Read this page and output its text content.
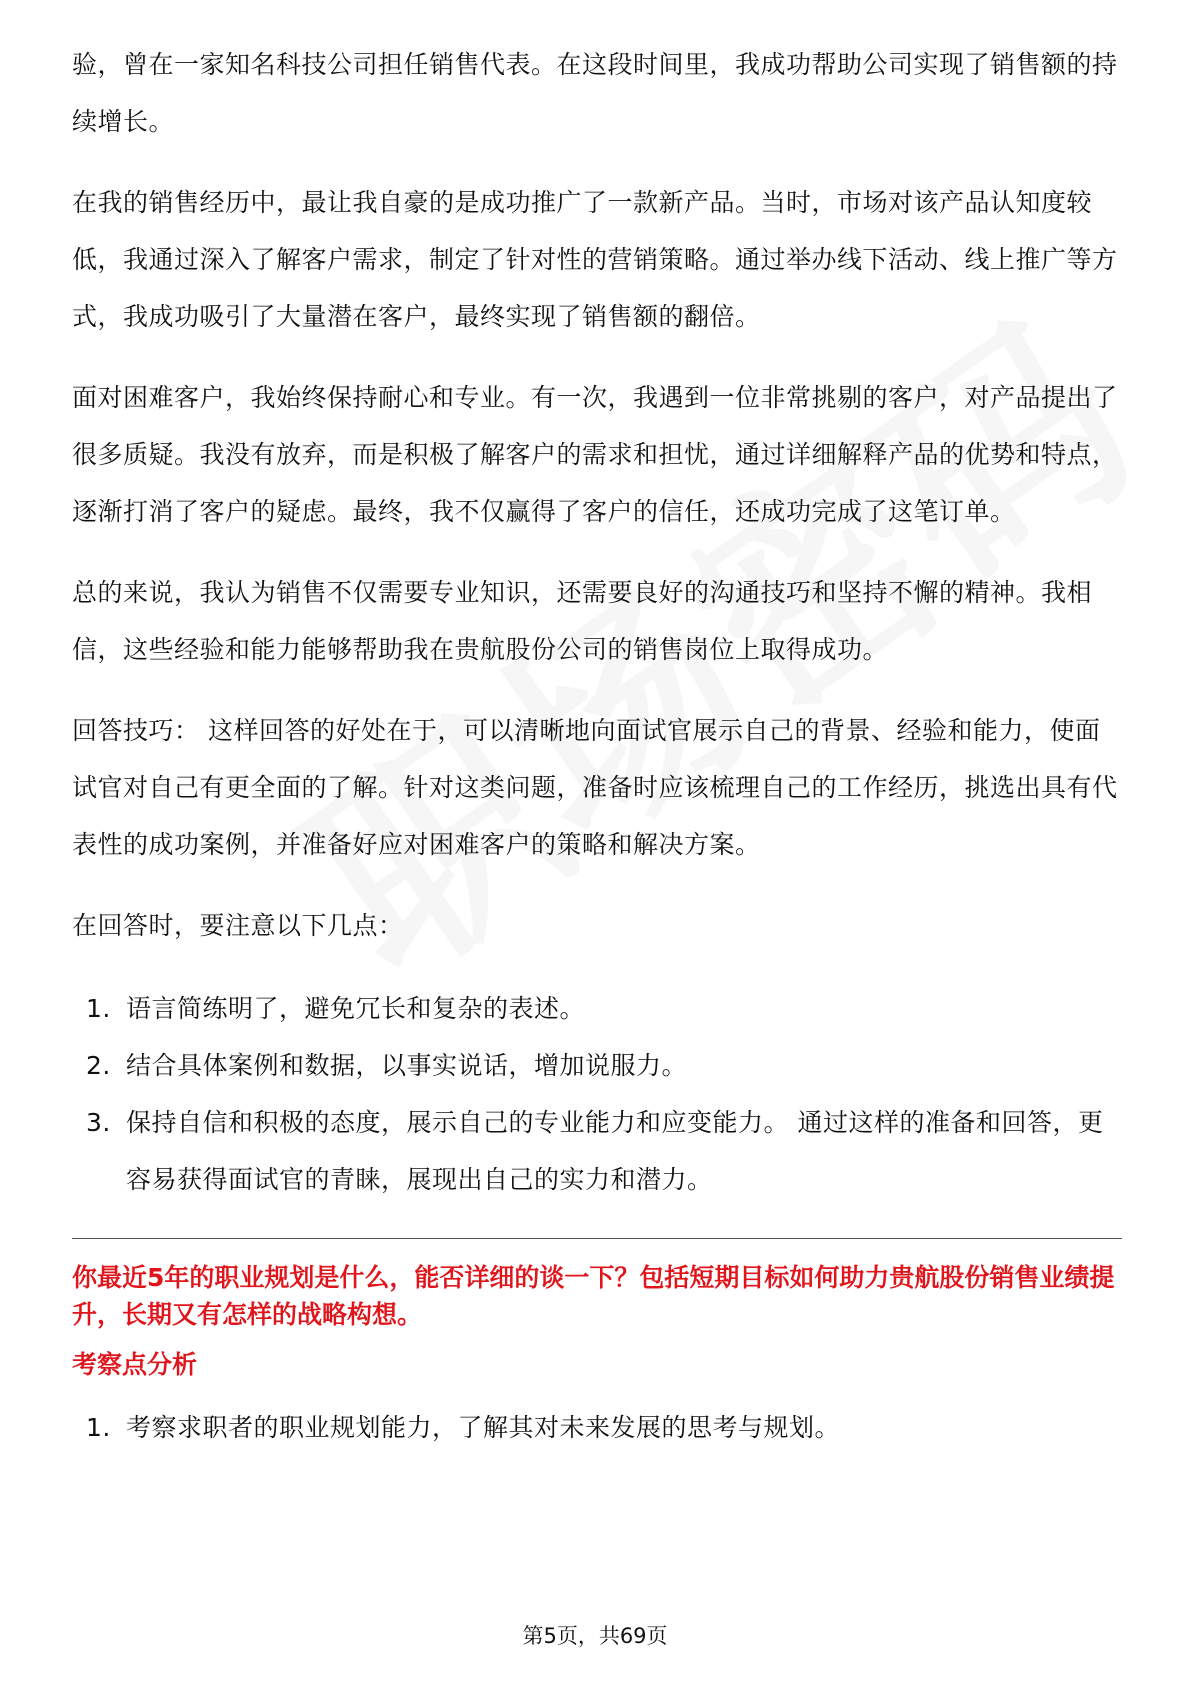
验，曾在一家知名科技公司担任销售代表。在这段时间里，我成功帮助公司实现了销售额的持续增长。

在我的销售经历中，最让我自豪的是成功推广了一款新产品。当时，市场对该产品认知度较低，我通过深入了解客户需求，制定了针对性的营销策略。通过举办线下活动、线上推广等方式，我成功吸引了大量潜在客户，最终实现了销售额的翻倍。

面对困难客户，我始终保持耐心和专业。有一次，我遇到一位非常挑剔的客户，对产品提出了很多质疑。我没有放弃，而是积极了解客户的需求和担忧，通过详细解释产品的优势和特点，逐渐打消了客户的疑虑。最终，我不仅赢得了客户的信任，还成功完成了这笔订单。

总的来说，我认为销售不仅需要专业知识，还需要良好的沟通技巧和坚持不懈的精神。我相信，这些经验和能力能够帮助我在贵航股份公司的销售岗位上取得成功。

回答技巧： 这样回答的好处在于，可以清晰地向面试官展示自己的背景、经验和能力，使面试官对自己有更全面的了解。针对这类问题，准备时应该梳理自己的工作经历，挑选出具有代表性的成功案例，并准备好应对困难客户的策略和解决方案。

在回答时，要注意以下几点：

1. 语言简练明了，避免冗长和复杂的表述。
2. 结合具体案例和数据，以事实说话，增加说服力。
3. 保持自信和积极的态度，展示自己的专业能力和应变能力。 通过这样的准备和回答，更容易获得面试官的青睐，展现出自己的实力和潜力。

你最近5年的职业规划是什么，能否详细的谈一下？包括短期目标如何助力贵航股份销售业绩提升，长期又有怎样的战略构想。

考察点分析

1. 考察求职者的职业规划能力，了解其对未来发展的思考与规划。
第5页，共69页
